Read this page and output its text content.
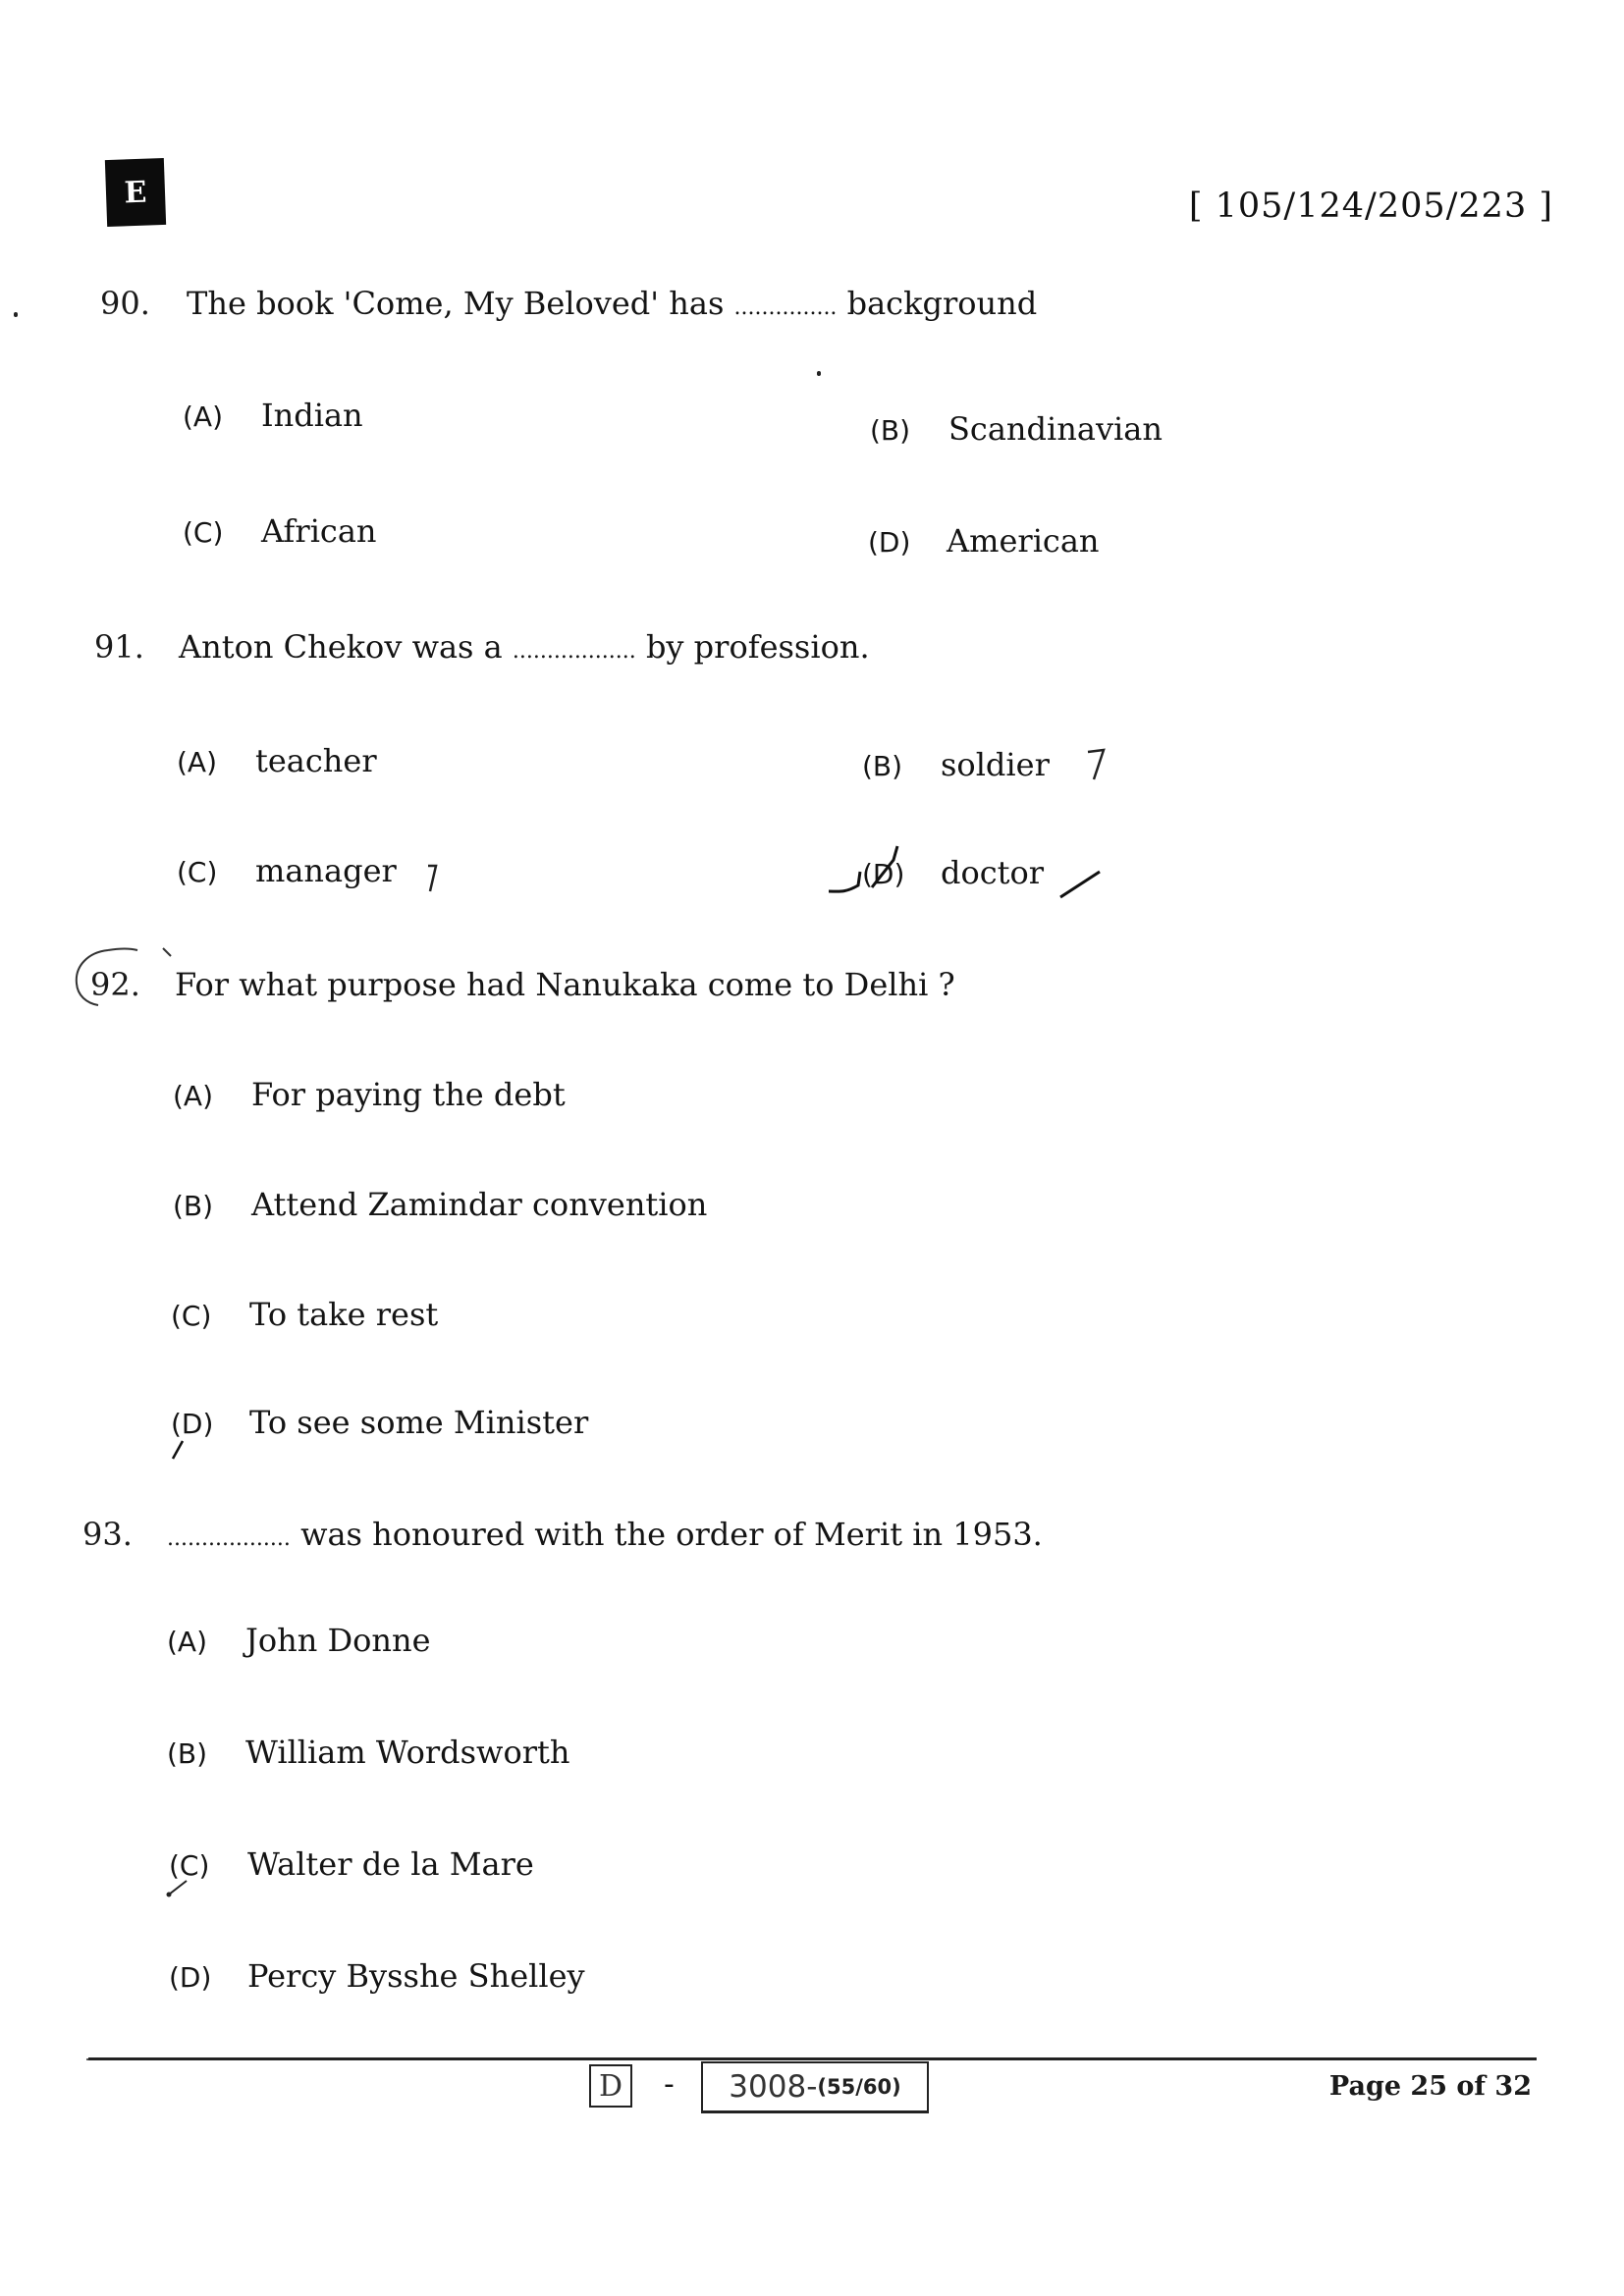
E	[ 105/124/205/223 ]
90. The book 'Come, My Beloved' has ............... background
(A) Indian	(B) Scandinavian
(C) African	(D) American
91. Anton Chekov was a .................. by profession.
(A) teacher	(B) soldier
(C) manager	(D) doctor
92. For what purpose had Nanukaka come to Delhi ?
(A) For paying the debt
(B) Attend Zamindar convention
(C) To take rest
(D) To see some Minister
93. .................. was honoured with the order of Merit in 1953.
(A) John Donne
(B) William Wordsworth
(C) Walter de la Mare
(D) Percy Bysshe Shelley
D - 3008- (55/60)	Page 25 of 32
